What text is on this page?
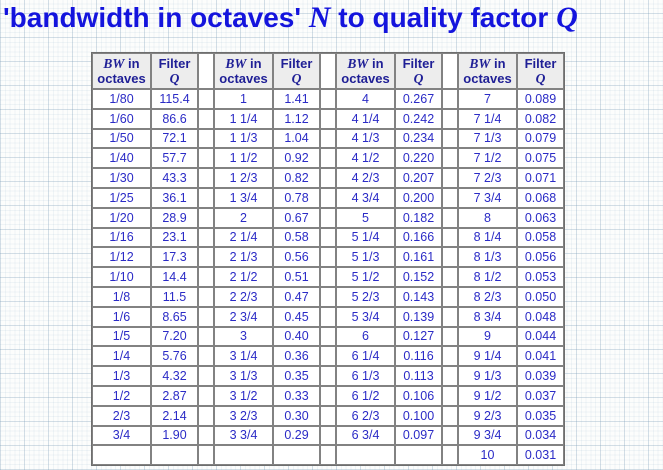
'bandwidth in octaves' N to quality factor Q
BW in
octaves	Filter
Q		BW in
octaves	Filter
Q		BW in
octaves	Filter
Q		BW in
octaves	Filter
Q
1/80	115.4		1	1.41		4	0.267		7	0.089
1/60	86.6		1 1/4	1.12		4 1/4	0.242		7 1/4	0.082
1/50	72.1		1 1/3	1.04		4 1/3	0.234		7 1/3	0.079
1/40	57.7		1 1/2	0.92		4 1/2	0.220		7 1/2	0.075
1/30	43.3		1 2/3	0.82		4 2/3	0.207		7 2/3	0.071
1/25	36.1		1 3/4	0.78		4 3/4	0.200		7 3/4	0.068
1/20	28.9		2	0.67		5	0.182		8	0.063
1/16	23.1		2 1/4	0.58		5 1/4	0.166		8 1/4	0.058
1/12	17.3		2 1/3	0.56		5 1/3	0.161		8 1/3	0.056
1/10	14.4		2 1/2	0.51		5 1/2	0.152		8 1/2	0.053
1/8	11.5		2 2/3	0.47		5 2/3	0.143		8 2/3	0.050
1/6	8.65		2 3/4	0.45		5 3/4	0.139		8 3/4	0.048
1/5	7.20		3	0.40		6	0.127		9	0.044
1/4	5.76		3 1/4	0.36		6 1/4	0.116		9 1/4	0.041
1/3	4.32		3 1/3	0.35		6 1/3	0.113		9 1/3	0.039
1/2	2.87		3 1/2	0.33		6 1/2	0.106		9 1/2	0.037
2/3	2.14		3 2/3	0.30		6 2/3	0.100		9 2/3	0.035
3/4	1.90		3 3/4	0.29		6 3/4	0.097		9 3/4	0.034
									10	0.031
